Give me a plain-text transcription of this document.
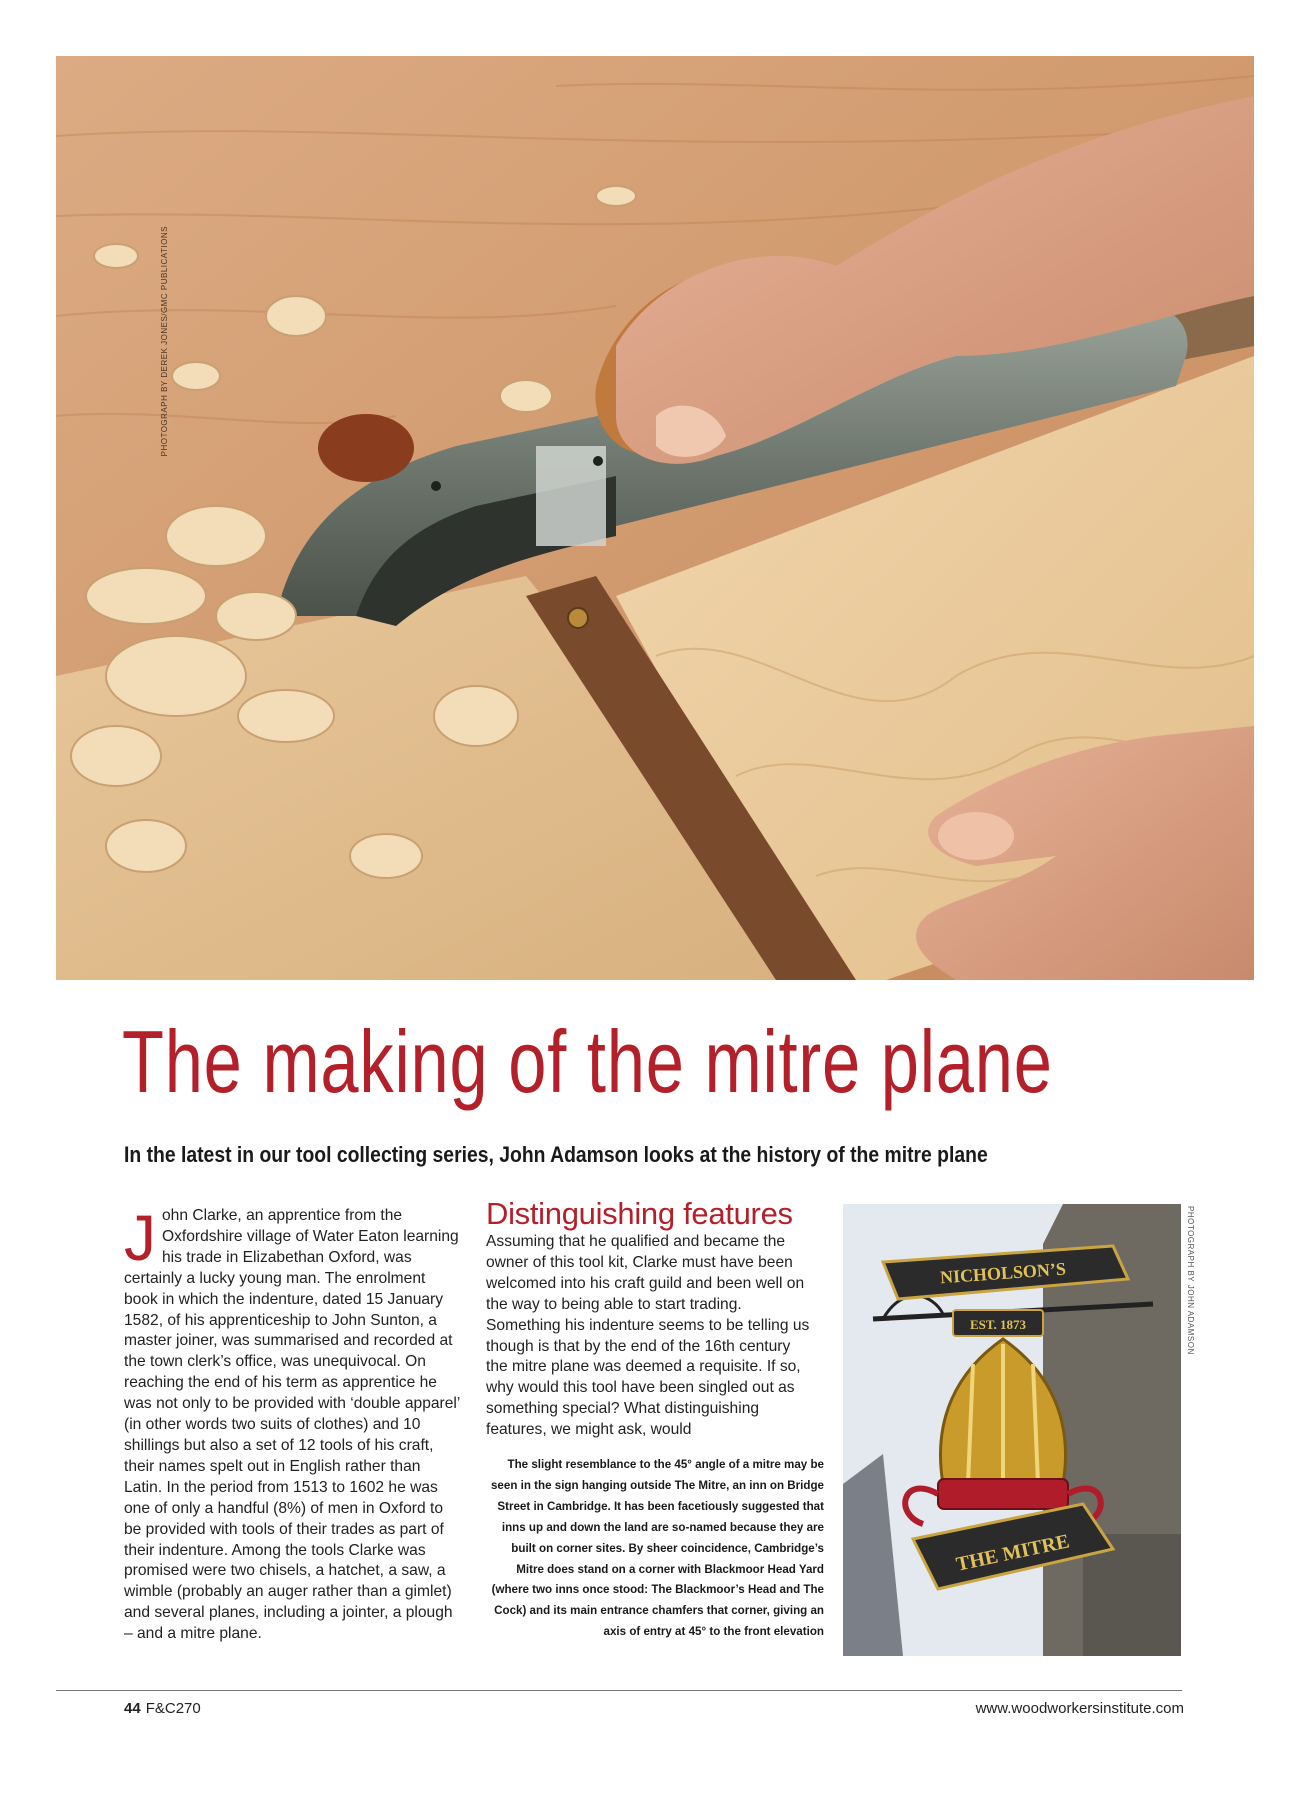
PHOTOGRAPH BY DEREK JONES/GMC PUBLICATIONS
The making of the mitre plane

In the latest in our tool collecting series, John Adamson looks at the history of the mitre plane

John Clarke, an apprentice from the Oxfordshire village of Water Eaton learning his trade in Elizabethan Oxford, was certainly a lucky young man. The enrolment book in which the indenture, dated 15 January 1582, of his apprenticeship to John Sunton, a master joiner, was summarised and recorded at the town clerk’s office, was unequivocal. On reaching the end of his term as apprentice he was not only to be provided with ‘double apparel’ (in other words two suits of clothes) and 10 shillings but also a set of 12 tools of his craft, their names spelt out in English rather than Latin. In the period from 1513 to 1602 he was one of only a handful (8%) of men in Oxford to be provided with tools of their trades as part of their indenture. Among the tools Clarke was promised were two chisels, a hatchet, a saw, a wimble (probably an auger rather than a gimlet) and several planes, including a jointer, a plough – and a mitre plane.

Distinguishing features

Assuming that he qualified and became the owner of this tool kit, Clarke must have been welcomed into his craft guild and been well on the way to being able to start trading. Something his indenture seems to be telling us though is that by the end of the 16th century the mitre plane was deemed a requisite. If so, why would this tool have been singled out as something special? What distinguishing features, we might ask, would

The slight resemblance to the 45° angle of a mitre may be seen in the sign hanging outside The Mitre, an inn on Bridge Street in Cambridge. It has been facetiously suggested that inns up and down the land are so-named because they are built on corner sites. By sheer coincidence, Cambridge’s Mitre does stand on a corner with Blackmoor Head Yard (where two inns once stood: The Blackmoor’s Head and The Cock) and its main entrance chamfers that corner, giving an axis of entry at 45° to the front elevation

NICHOLSON’S
EST. 1873
THE MITRE
PHOTOGRAPH BY JOHN ADAMSON
44 F&C270	www.woodworkersinstitute.com
